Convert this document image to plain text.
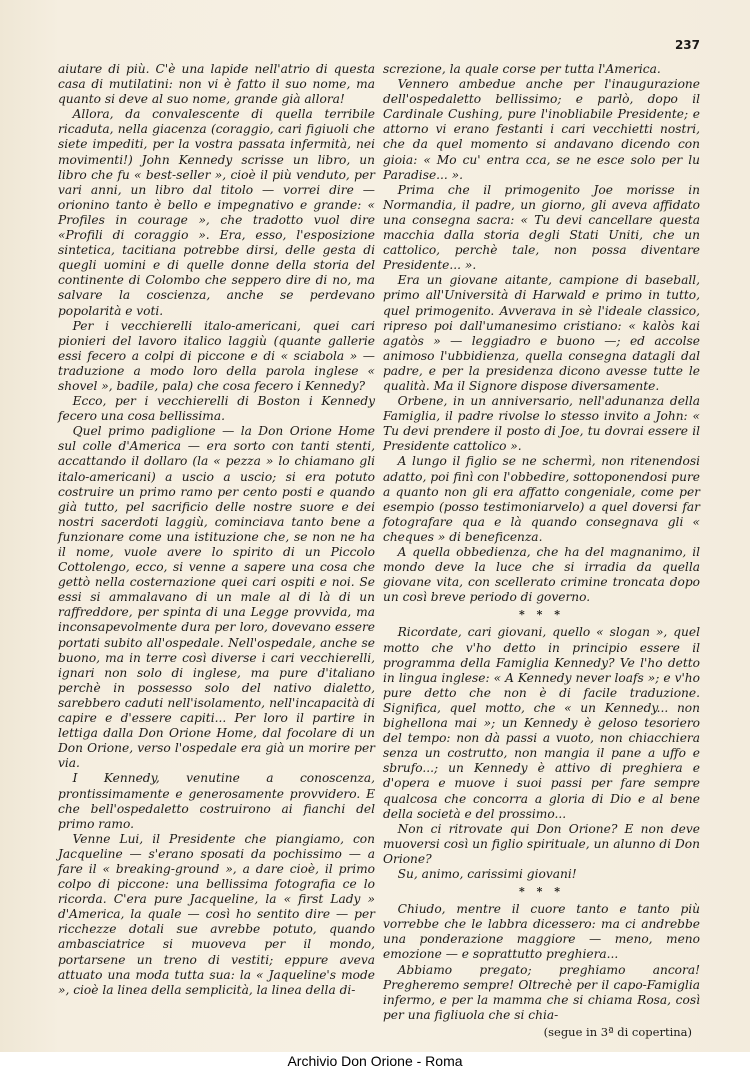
237

aiutare di più. C'è una lapide nell'atrio di questa casa di mutilatini: non vi è fatto il suo nome, ma quanto si deve al suo nome, grande già allora!

Allora, da convalescente di quella terribile ricaduta, nella giacenza (coraggio, cari figiuoli che siete impediti, per la vostra passata infermità, nei movimenti!) John Kennedy scrisse un libro, un libro che fu « best-seller », cioè il più venduto, per vari anni, un libro dal titolo — vorrei dire — orionino tanto è bello e impegnativo e grande: « Profiles in courage », che tradotto vuol dire «Profili di coraggio ». Era, esso, l'esposizione sintetica, tacitiana potrebbe dirsi, delle gesta di quegli uomini e di quelle donne della storia del continente di Colombo che seppero dire di no, ma salvare la coscienza, anche se perdevano popolarità e voti.

Per i vecchierelli italo-americani, quei cari pionieri del lavoro italico laggiù (quante gallerie essi fecero a colpi di piccone e di « sciabola » — traduzione a modo loro della parola inglese « shovel », badile, pala) che cosa fecero i Kennedy?

Ecco, per i vecchierelli di Boston i Kennedy fecero una cosa bellissima.

Quel primo padiglione — la Don Orione Home sul colle d'America — era sorto con tanti stenti, accattando il dollaro (la « pezza » lo chiamano gli italo-americani) a uscio a uscio; si era potuto costruire un primo ramo per cento posti e quando già tutto, pel sacrificio delle nostre suore e dei nostri sacerdoti laggiù, cominciava tanto bene a funzionare come una istituzione che, se non ne ha il nome, vuole avere lo spirito di un Piccolo Cottolengo, ecco, si venne a sapere una cosa che gettò nella costernazione quei cari ospiti e noi. Se essi si ammalavano di un male al di là di un raffreddore, per spinta di una Legge provvida, ma inconsapevolmente dura per loro, dovevano essere portati subito all'ospedale. Nell'ospedale, anche se buono, ma in terre così diverse i cari vecchierelli, ignari non solo di inglese, ma pure d'italiano perchè in possesso solo del nativo dialetto, sarebbero caduti nell'isolamento, nell'incapacità di capire e d'essere capiti... Per loro il partire in lettiga dalla Don Orione Home, dal focolare di un Don Orione, verso l'ospedale era già un morire per via.

I Kennedy, venutine a conoscenza, prontissimamente e generosamente provvidero. E che bell'ospedaletto costruirono ai fianchi del primo ramo.

Venne Lui, il Presidente che piangiamo, con Jacqueline — s'erano sposati da pochissimo — a fare il « breaking-ground », a dare cioè, il primo colpo di piccone: una bellissima fotografia ce lo ricorda. C'era pure Jacqueline, la « first Lady » d'America, la quale — così ho sentito dire — per ricchezze dotali sue avrebbe potuto, quando ambasciatrice si muoveva per il mondo, portarsene un treno di vestiti; eppure aveva attuato una moda tutta sua: la « Jaqueline's mode », cioè la linea della semplicità, la linea della di-

screzione, la quale corse per tutta l'America.

Vennero ambedue anche per l'inaugurazione dell'ospedaletto bellissimo; e parlò, dopo il Cardinale Cushing, pure l'inobliabile Presidente; e attorno vi erano festanti i cari vecchietti nostri, che da quel momento si andavano dicendo con gioia: « Mo cu' entra cca, se ne esce solo per lu Paradise... ».

Prima che il primogenito Joe morisse in Normandia, il padre, un giorno, gli aveva affidato una consegna sacra: « Tu devi cancellare questa macchia dalla storia degli Stati Uniti, che un cattolico, perchè tale, non possa diventare Presidente... ».

Era un giovane aitante, campione di baseball, primo all'Università di Harwald e primo in tutto, quel primogenito. Avverava in sè l'ideale classico, ripreso poi dall'umanesimo cristiano: « kalòs kai agatòs » — leggiadro e buono —; ed accolse animoso l'ubbidienza, quella consegna datagli dal padre, e per la presidenza dicono avesse tutte le qualità. Ma il Signore dispose diversamente.

Orbene, in un anniversario, nell'adunanza della Famiglia, il padre rivolse lo stesso invito a John: « Tu devi prendere il posto di Joe, tu dovrai essere il Presidente cattolico ».

A lungo il figlio se ne schermì, non ritenendosi adatto, poi finì con l'obbedire, sottoponendosi pure a quanto non gli era affatto congeniale, come per esempio (posso testimoniarvelo) a quel doversi far fotografare qua e là quando consegnava gli « cheques » di beneficenza.

A quella obbedienza, che ha del magnanimo, il mondo deve la luce che si irradia da quella giovane vita, con scellerato crimine troncata dopo un così breve periodo di governo.

* * *

Ricordate, cari giovani, quello « slogan », quel motto che v'ho detto in principio essere il programma della Famiglia Kennedy? Ve l'ho detto in lingua inglese: « A Kennedy never loafs »; e v'ho pure detto che non è di facile traduzione. Significa, quel motto, che « un Kennedy... non bighellona mai »; un Kennedy è geloso tesoriero del tempo: non dà passi a vuoto, non chiacchiera senza un costrutto, non mangia il pane a uffo e sbrufo...; un Kennedy è attivo di preghiera e d'opera e muove i suoi passi per fare sempre qualcosa che concorra a gloria di Dio e al bene della società e del prossimo...

Non ci ritrovate qui Don Orione? E non deve muoversi così un figlio spirituale, un alunno di Don Orione?

Su, animo, carissimi giovani!

* * *

Chiudo, mentre il cuore tanto e tanto più vorrebbe che le labbra dicessero: ma ci andrebbe una ponderazione maggiore — meno, meno emozione — e soprattutto preghiera...

Abbiamo pregato; preghiamo ancora! Pregheremo sempre! Oltrechè per il capo-Famiglia infermo, e per la mamma che si chiama Rosa, così per una figliuola che si chia-

(segue in 3ª di copertina)
Archivio Don Orione - Roma
